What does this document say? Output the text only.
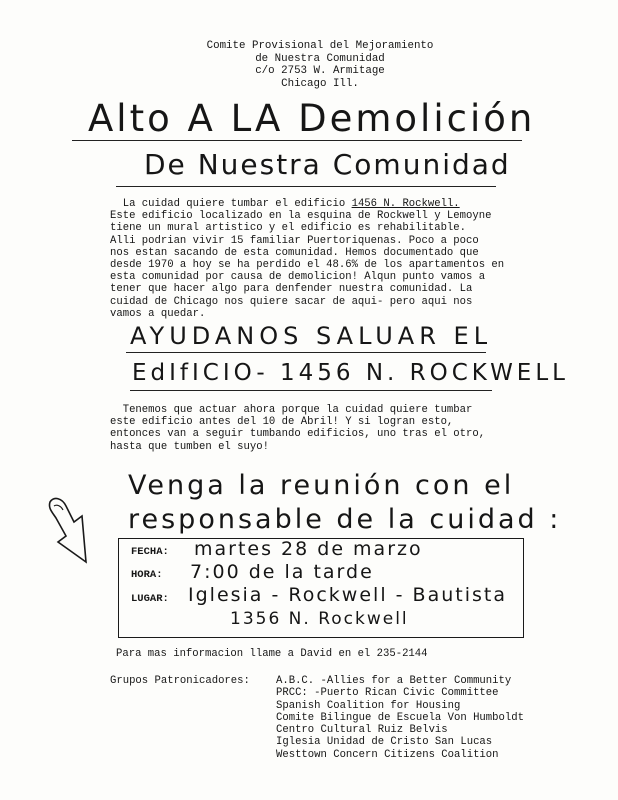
Comite Provisional del Mejoramiento
de Nuestra Comunidad
c/o 2753 W. Armitage
Chicago Ill.
Alto A LA Demolición
De Nuestra Comunidad
La cuidad quiere tumbar el edificio 1456 N. Rockwell.
Este edificio localizado en la esquina de Rockwell y Lemoyne
tiene un mural artistico y el edificio es rehabilitable.
Alli podrian vivir 15 familiar Puertoriquenas. Poco a poco
nos estan sacando de esta comunidad. Hemos documentado que
desde 1970 a hoy se ha perdido el 48.6% de los apartamentos en
esta comunidad por causa de demolicion! Alqun punto vamos a
tener que hacer algo para denfender nuestra comunidad. La
cuidad de Chicago nos quiere sacar de aqui- pero aqui nos
vamos a quedar.
AYUDANOS SALUAR EL
EdIfICIO- 1456 N. ROCKWELL
Tenemos que actuar ahora porque la cuidad quiere tumbar
este edificio antes del 10 de Abril! Y si logran esto,
entonces van a seguir tumbando edificios, uno tras el otro,
hasta que tumben el suyo!
Venga la reunión con el
responsable de la cuidad :
FECHA: martes 28 de marzo
HORA: 7:00 de la tarde
LUGAR: Iglesia - Rockwell - Bautista
1356 N. Rockwell
Para mas informacion llame a David en el 235-2144
Grupos Patronicadores: A.B.C. -Allies for a Better Community
PRCC: -Puerto Rican Civic Committee
Spanish Coalition for Housing
Comite Bilingue de Escuela Von Humboldt
Centro Cultural Ruiz Belvis
Iglesia Unidad de Cristo San Lucas
Westtown Concern Citizens Coalition
